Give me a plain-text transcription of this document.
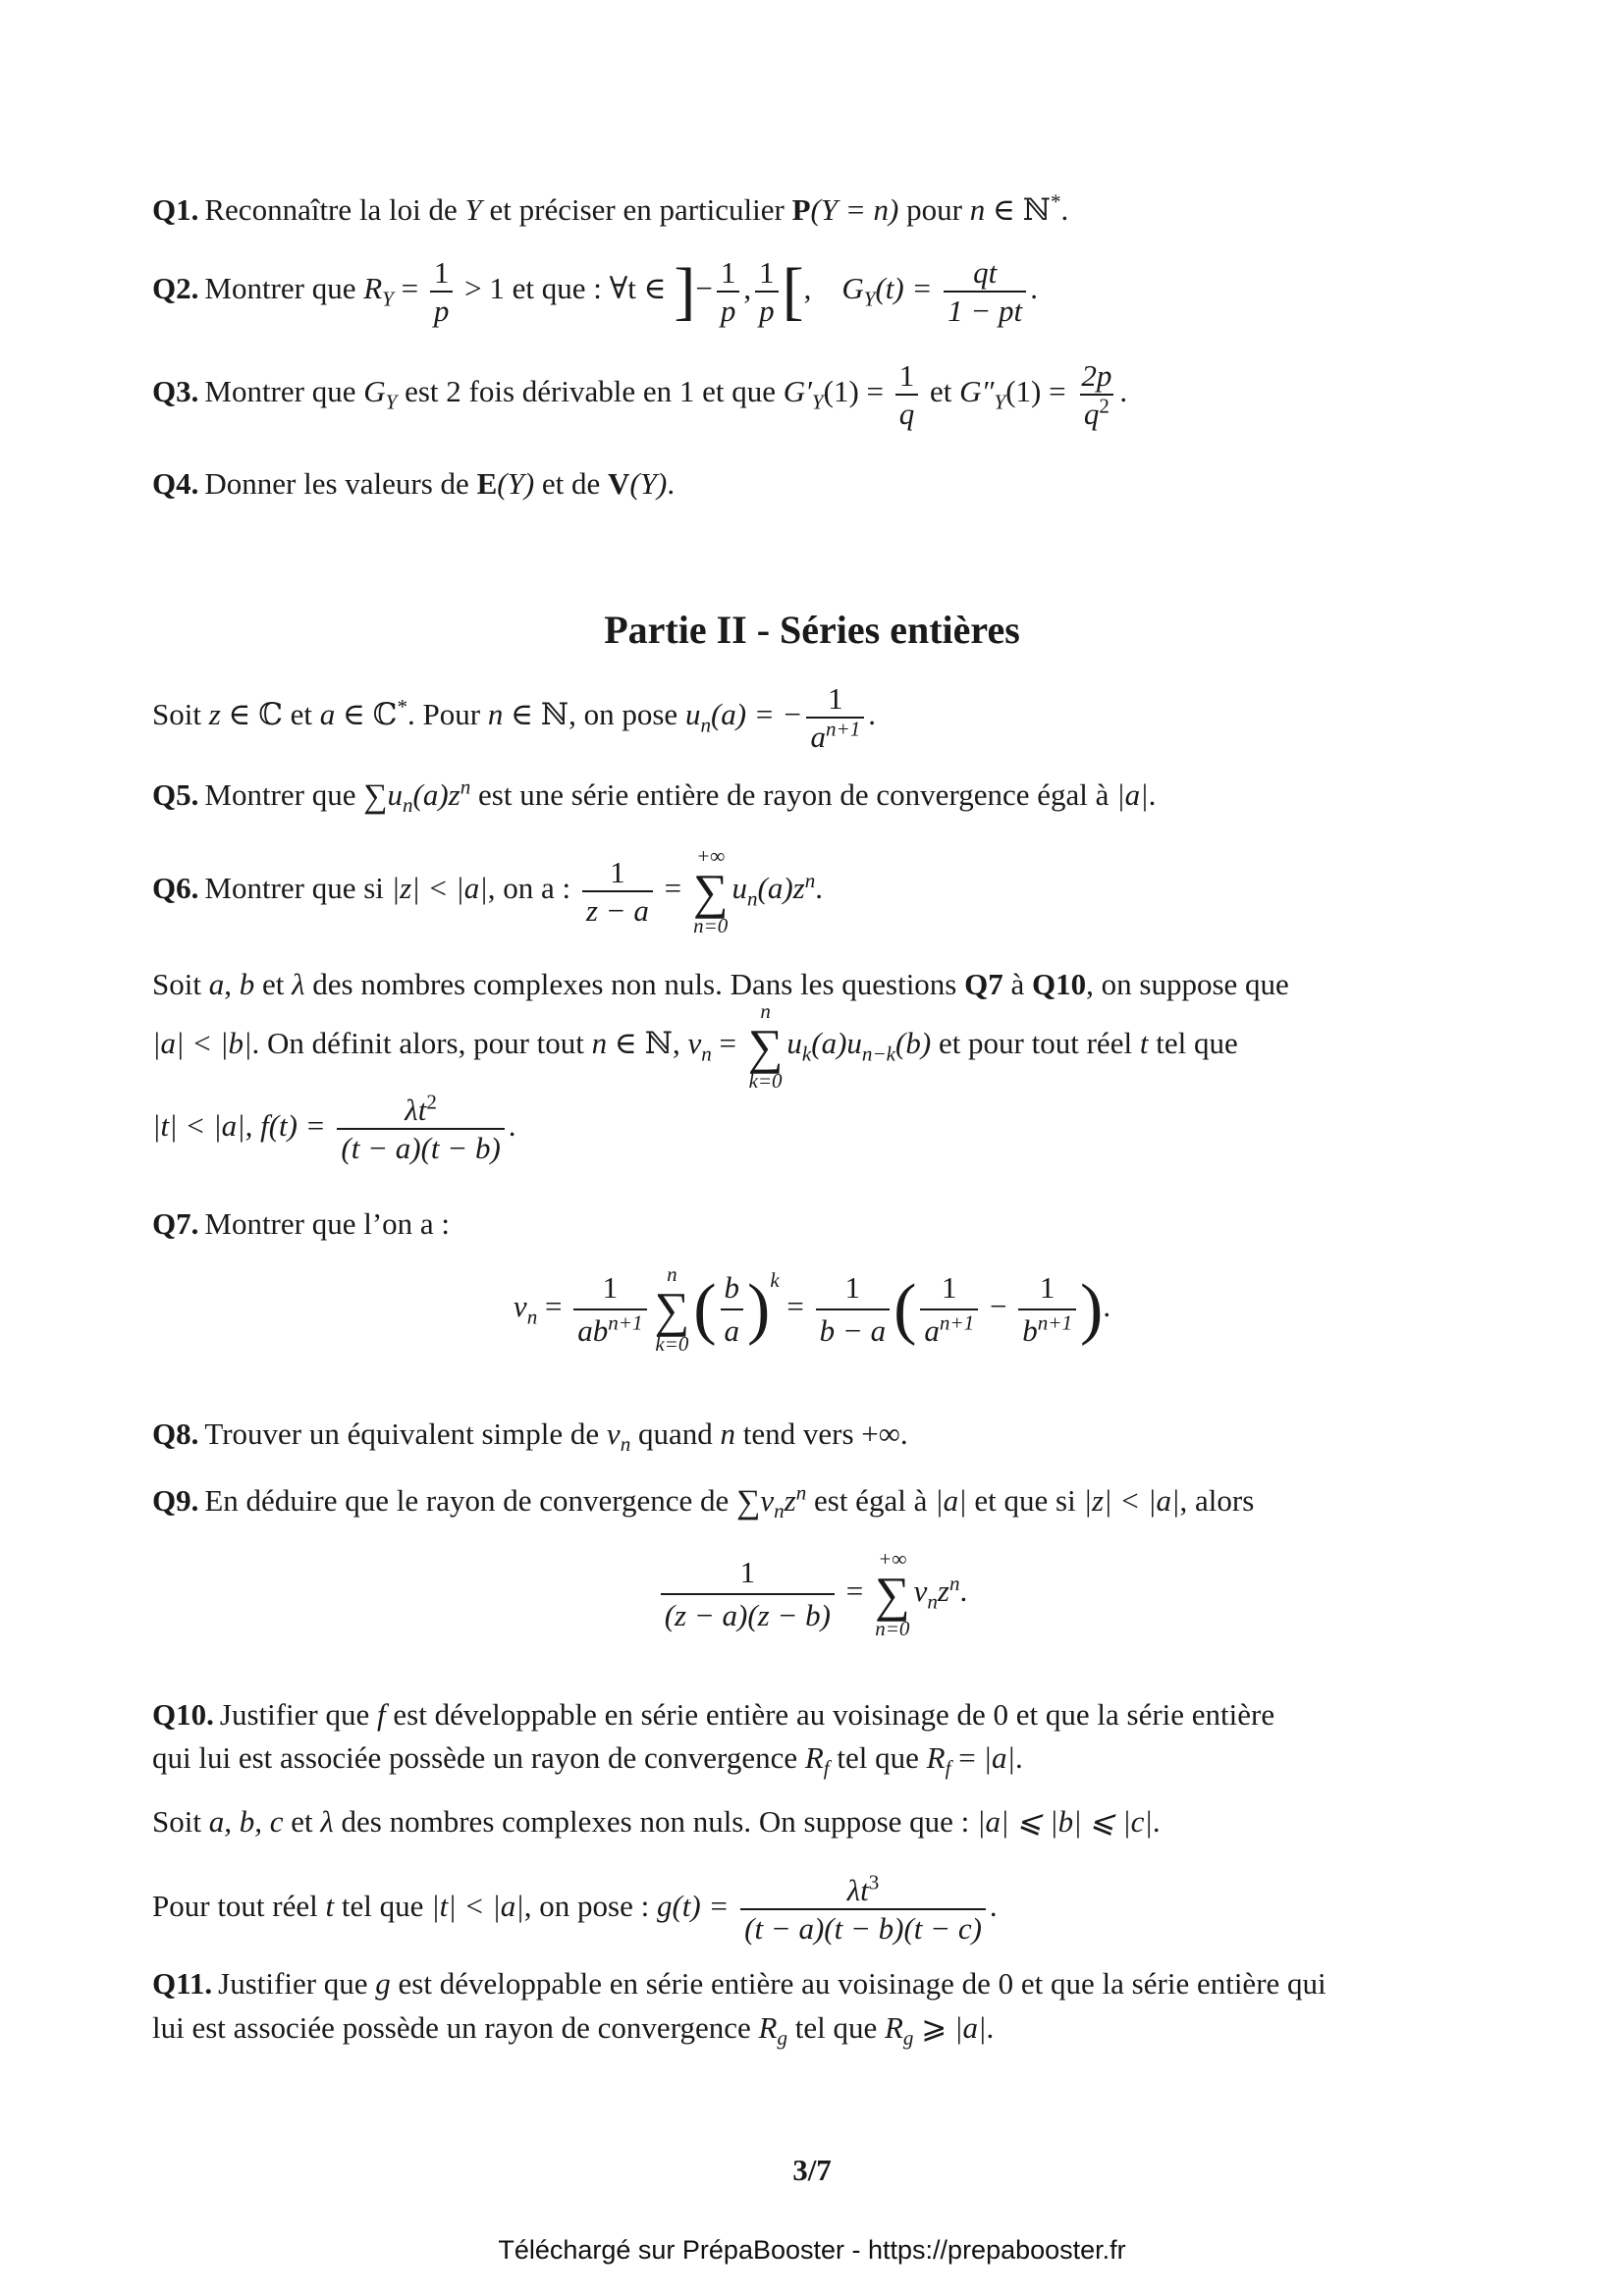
Q1. Reconnaître la loi de Y et préciser en particulier P(Y = n) pour n ∈ ℕ*.
Q2. Montrer que $R_Y = \frac{1}{p} > 1$ et que : ∀t ∈ ]− $\frac{1}{p}$ , $\frac{1}{p}$ [,    $G_Y(t) = \frac{qt}{1 - pt}$ .
Q3. Montrer que $G_Y$ est 2 fois dérivable en 1 et que $G'_Y(1) = \frac{1}{q}$ et $G''_Y(1) = \frac{2p}{q^2}$ .
Q4. Donner les valeurs de E(Y) et de V(Y).
Partie II - Séries entières
Soit z ∈ ℂ et a ∈ ℂ*. Pour n ∈ ℕ, on pose $u_n(a)$ = − $\frac{1}{a^{n+1}}$ .
Q5. Montrer que $\sum u_n(a)z^n$ est une série entière de rayon de convergence égal à |a|.
Q6. Montrer que si |z| < |a|, on a : $\frac{1}{z - a}$ =
+∞
∑
n=0
$u_n(a)z^n$.
Soit a, b et λ des nombres complexes non nuls. Dans les questions Q7 à Q10, on suppose que
|a| < |b|. On définit alors, pour tout n ∈ ℕ, $v_n$ =
n
∑
k=0
$u_k(a)u_{n-k}(b)$ et pour tout réel t tel que
|t| < |a|, $f(t) = \frac{\lambda t^2}{(t - a)(t - b)}$ .
Q7. Montrer que l’on a :
$v_n = \frac{1}{ab^{n+1}}$ n
∑
k=0 ( $\frac{b}{a} )^k = \frac{1}{b - a}$ ( $\frac{1}{a^{n+1}} - \frac{1}{b^{n+1}}$ ).
Q8. Trouver un équivalent simple de $v_n$ quand n tend vers +∞.
Q9. En déduire que le rayon de convergence de $\sum v_nz^n$ est égal à |a| et que si |z| < |a|, alors
$\frac{1}{(z - a)(z - b)}$ =
+∞
∑
n=0
$v_nz^n$.
Q10. Justifier que f est développable en série entière au voisinage de 0 et que la série entière
qui lui est associée possède un rayon de convergence $R_f$ tel que $R_f = |a|$.
Soit a, b, c et λ des nombres complexes non nuls. On suppose que : |a| ⩽ |b| ⩽ |c|.
Pour tout réel t tel que |t| < |a|, on pose : $g(t) = \frac{\lambda t^3}{(t - a)(t - b)(t - c)}$ .
Q11. Justifier que g est développable en série entière au voisinage de 0 et que la série entière qui
lui est associée possède un rayon de convergence $R_g$ tel que $R_g$ ⩾ |a|.
3/7
Téléchargé sur PrépaBooster - https://prepabooster.fr
